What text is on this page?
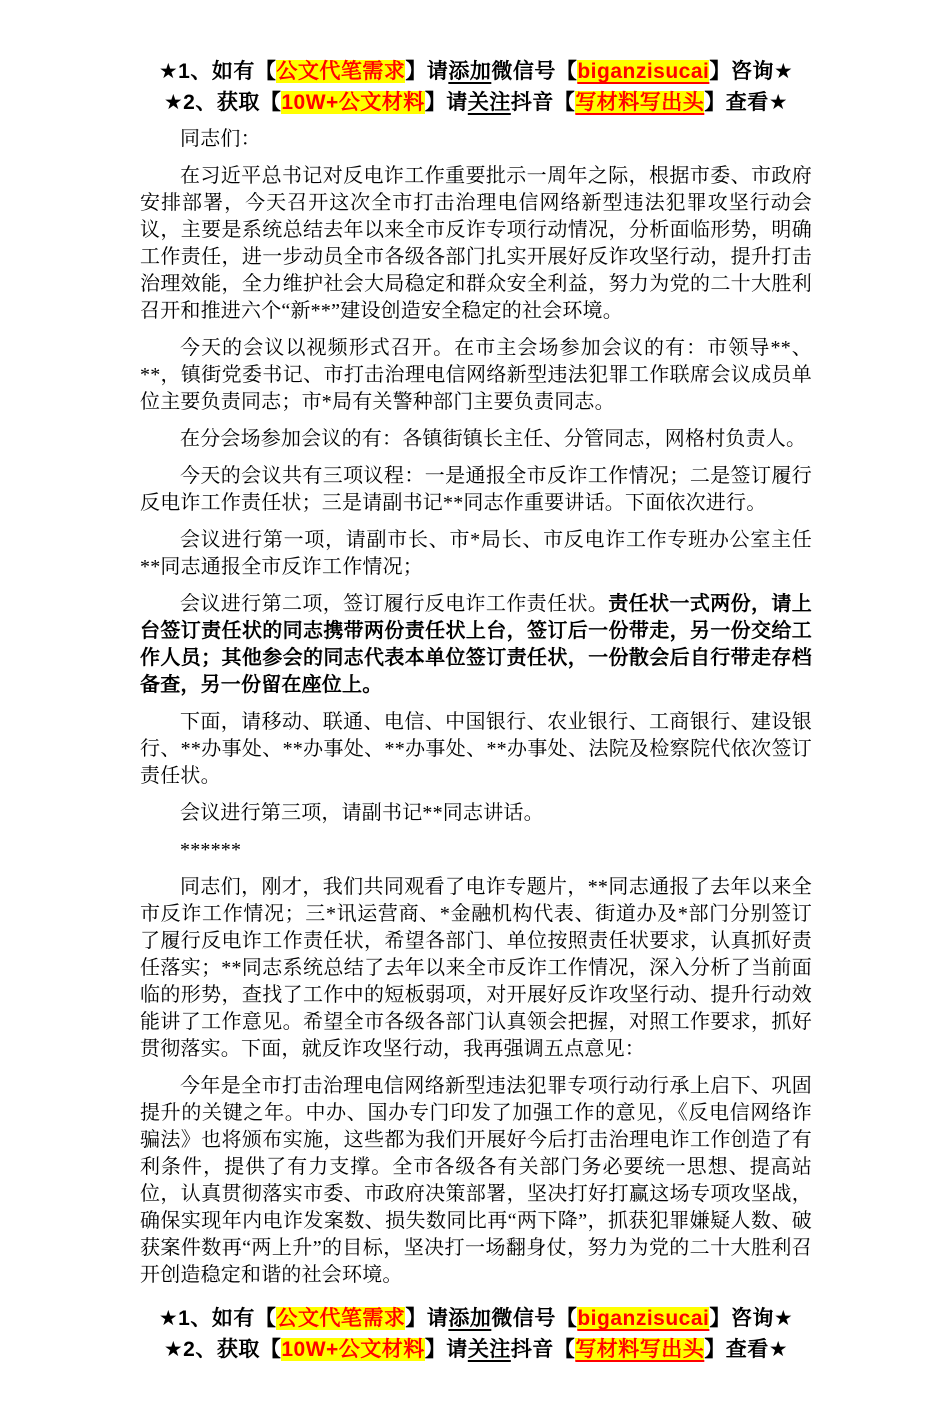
★1、如有【公文代笔需求】请添加微信号【biganzisucai】咨询★
★2、获取【10W+公文材料】请关注抖音【写材料写出头】查看★
同志们：
在习近平总书记对反电诈工作重要批示一周年之际，根据市委、市政府安排部署，今天召开这次全市打击治理电信网络新型违法犯罪攻坚行动会议，主要是系统总结去年以来全市反诈专项行动情况，分析面临形势，明确工作责任，进一步动员全市各级各部门扎实开展好反诈攻坚行动，提升打击治理效能，全力维护社会大局稳定和群众安全利益，努力为党的二十大胜利召开和推进六个“新**”建设创造安全稳定的社会环境。
今天的会议以视频形式召开。在市主会场参加会议的有：市领导**、**，镇街党委书记、市打击治理电信网络新型违法犯罪工作联席会议成员单位主要负责同志；市*局有关警种部门主要负责同志。
在分会场参加会议的有：各镇街镇长主任、分管同志，网格村负责人。
今天的会议共有三项议程：一是通报全市反诈工作情况；二是签订履行反电诈工作责任状；三是请副书记**同志作重要讲话。下面依次进行。
会议进行第一项，请副市长、市*局长、市反电诈工作专班办公室主任**同志通报全市反诈工作情况；
会议进行第二项，签订履行反电诈工作责任状。责任状一式两份，请上台签订责任状的同志携带两份责任状上台，签订后一份带走，另一份交给工作人员；其他参会的同志代表本单位签订责任状，一份散会后自行带走存档备查，另一份留在座位上。
下面，请移动、联通、电信、中国银行、农业银行、工商银行、建设银行、**办事处、**办事处、**办事处、**办事处、法院及检察院代依次签订责任状。
会议进行第三项，请副书记**同志讲话。
******
同志们，刚才，我们共同观看了电诈专题片，**同志通报了去年以来全市反诈工作情况；三*讯运营商、*金融机构代表、街道办及*部门分别签订了履行反电诈工作责任状，希望各部门、单位按照责任状要求，认真抓好责任落实；**同志系统总结了去年以来全市反诈工作情况，深入分析了当前面临的形势，查找了工作中的短板弱项，对开展好反诈攻坚行动、提升行动效能讲了工作意见。希望全市各级各部门认真领会把握，对照工作要求，抓好贯彻落实。下面，就反诈攻坚行动，我再强调五点意见：
今年是全市打击治理电信网络新型违法犯罪专项行动行承上启下、巩固提升的关键之年。中办、国办专门印发了加强工作的意见，《反电信网络诈骗法》也将颁布实施，这些都为我们开展好今后打击治理电诈工作创造了有利条件，提供了有力支撑。全市各级各有关部门务必要统一思想、提高站位，认真贯彻落实市委、市政府决策部署，坚决打好打赢这场专项攻坚战，确保实现年内电诈发案数、损失数同比再“两下降”，抓获犯罪嫌疑人数、破获案件数再“两上升”的目标，坚决打一场翻身仗，努力为党的二十大胜利召开创造稳定和谐的社会环境。
★1、如有【公文代笔需求】请添加微信号【biganzisucai】咨询★
★2、获取【10W+公文材料】请关注抖音【写材料写出头】查看★
